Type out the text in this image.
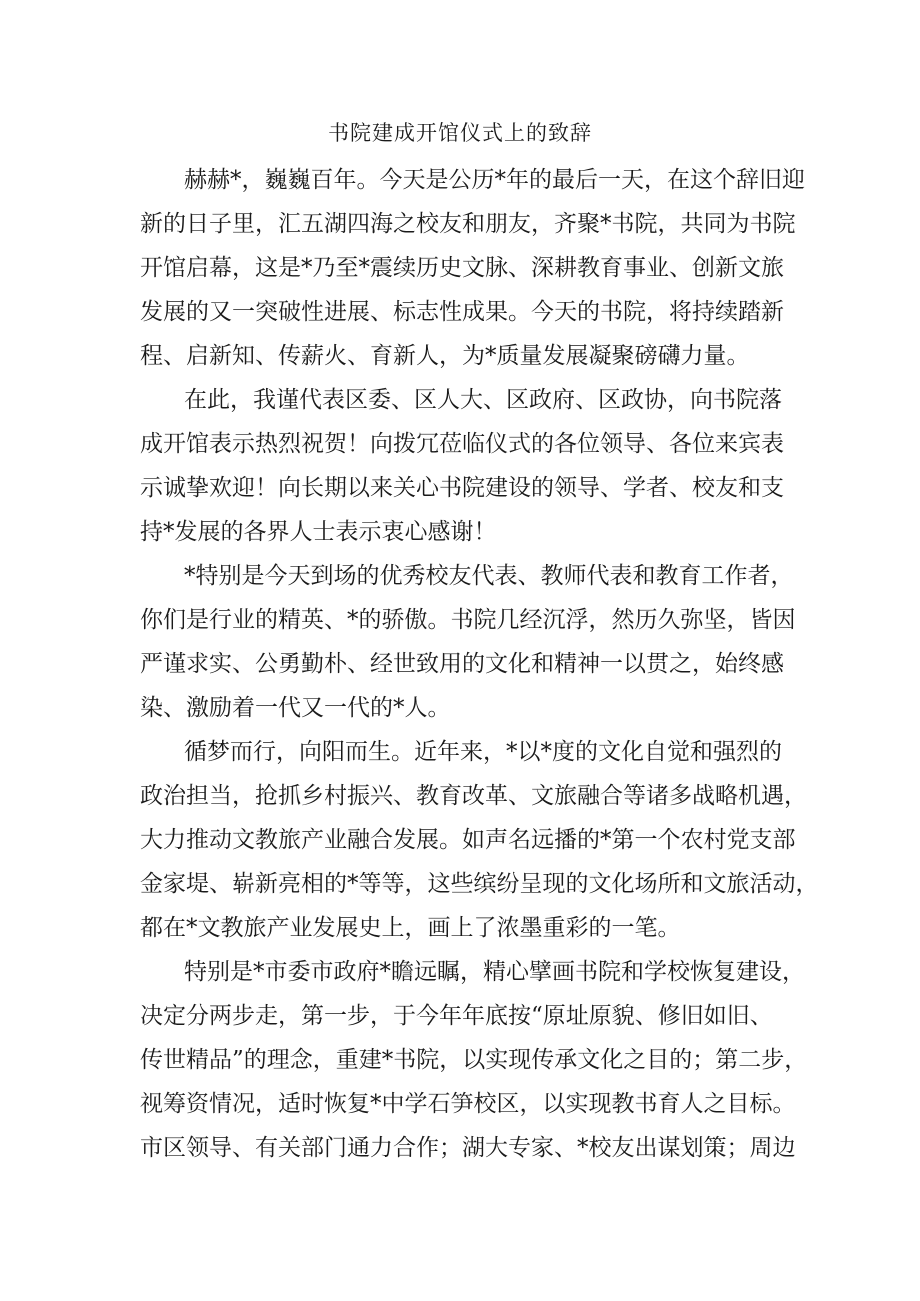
书院建成开馆仪式上的致辞
赫赫*，巍巍百年。今天是公历*年的最后一天，在这个辞旧迎
新的日子里，汇五湖四海之校友和朋友，齐聚*书院，共同为书院
开馆启幕，这是*乃至*震续历史文脉、深耕教育事业、创新文旅
发展的又一突破性进展、标志性成果。今天的书院，将持续踏新
程、启新知、传薪火、育新人，为*质量发展凝聚磅礴力量。
在此，我谨代表区委、区人大、区政府、区政协，向书院落
成开馆表示热烈祝贺！向拨冗莅临仪式的各位领导、各位来宾表
示诚挚欢迎！向长期以来关心书院建设的领导、学者、校友和支
持*发展的各界人士表示衷心感谢！
*特别是今天到场的优秀校友代表、教师代表和教育工作者，
你们是行业的精英、*的骄傲。书院几经沉浮，然历久弥坚，皆因
严谨求实、公勇勤朴、经世致用的文化和精神一以贯之，始终感
染、激励着一代又一代的*人。
循梦而行，向阳而生。近年来，*以*度的文化自觉和强烈的
政治担当，抢抓乡村振兴、教育改革、文旅融合等诸多战略机遇，
大力推动文教旅产业融合发展。如声名远播的*第一个农村党支部
金家堤、崭新亮相的*等等，这些缤纷呈现的文化场所和文旅活动，
都在*文教旅产业发展史上，画上了浓墨重彩的一笔。
特别是*市委市政府*瞻远瞩，精心擘画书院和学校恢复建设，
决定分两步走，第一步，于今年年底按“原址原貌、修旧如旧、
传世精品”的理念，重建*书院，以实现传承文化之目的；第二步，
视筹资情况，适时恢复*中学石笋校区，以实现教书育人之目标。
市区领导、有关部门通力合作；湖大专家、*校友出谋划策；周边
